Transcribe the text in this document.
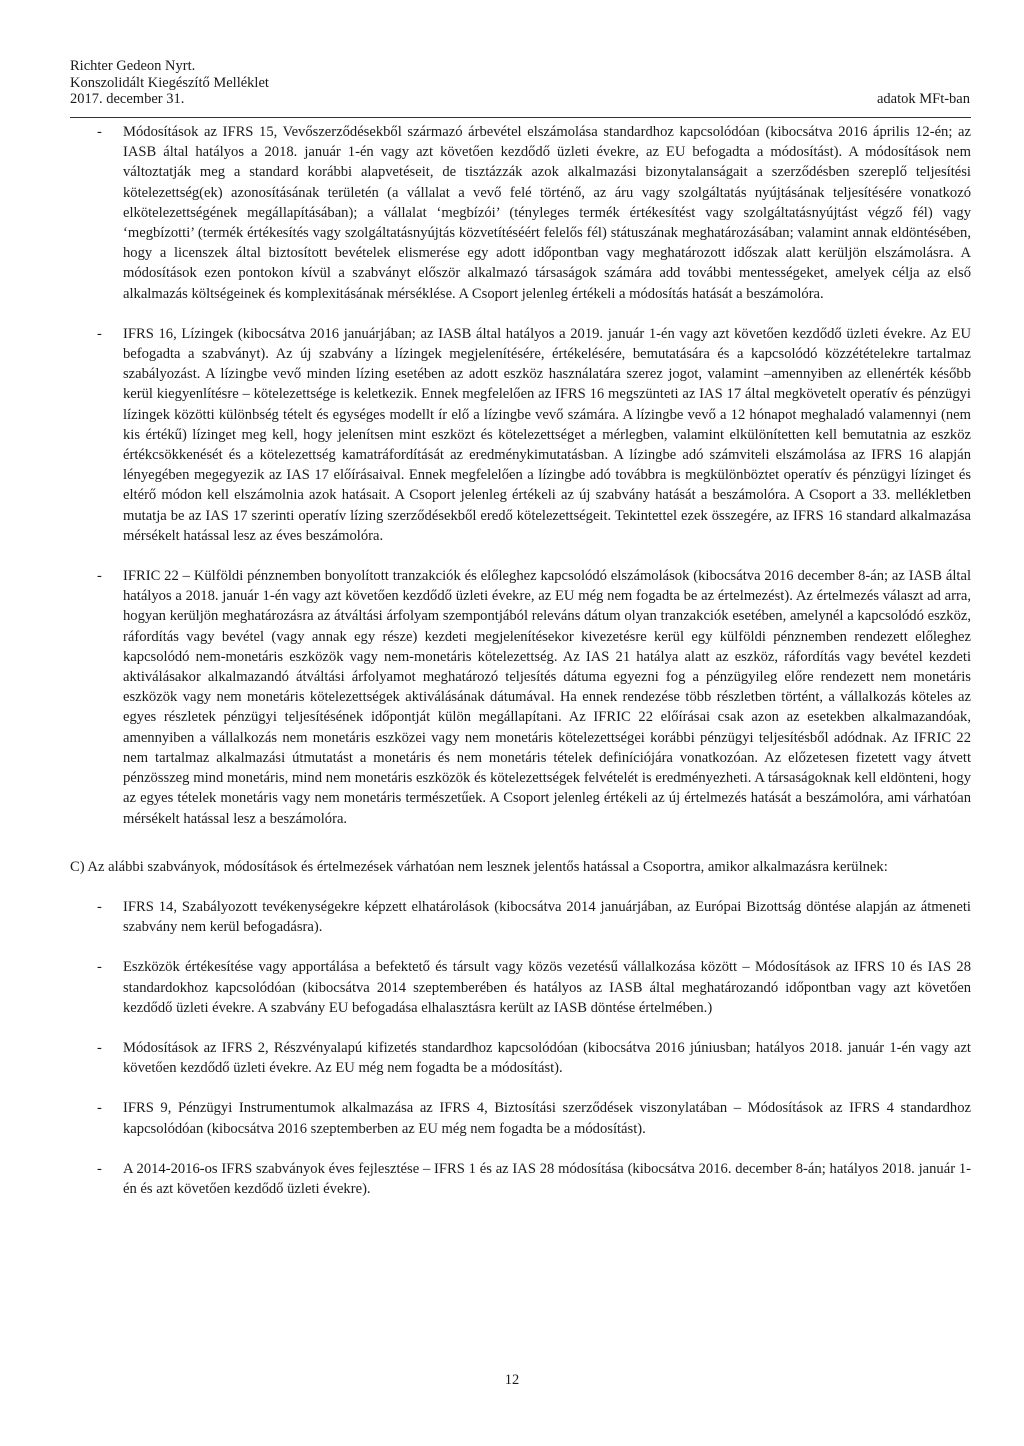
Richter Gedeon Nyrt.
Konszolidált Kiegészítő Melléklet
2017. december 31.	adatok MFt-ban
- Módosítások az IFRS 15, Vevőszerződésekből származó árbevétel elszámolása standardhoz kapcsolódóan (kibocsátva 2016 április 12-én; az IASB által hatályos a 2018. január 1-én vagy azt követően kezdődő üzleti évekre, az EU befogadta a módosítást). A módosítások nem változtatják meg a standard korábbi alapvetéseit, de tisztázzák azok alkalmazási bizonytalanságait a szerződésben szereplő teljesítési kötelezettség(ek) azonosításának területén (a vállalat a vevő felé történő, az áru vagy szolgáltatás nyújtásának teljesítésére vonatkozó elkötelezettségének megállapításában); a vállalat ‘megbízói’ (tényleges termék értékesítést vagy szolgáltatásnyújtást végző fél) vagy ‘megbízotti’ (termék értékesítés vagy szolgáltatásnyújtás közvetítéséért felelős fél) státuszának meghatározásában; valamint annak eldöntésében, hogy a licenszek által biztosított bevételek elismerése egy adott időpontban vagy meghatározott időszak alatt kerüljön elszámolásra. A módosítások ezen pontokon kívül a szabványt először alkalmazó társaságok számára add további mentességeket, amelyek célja az első alkalmazás költségeinek és komplexitásának mérséklése. A Csoport jelenleg értékeli a módosítás hatását a beszámolóra.
- IFRS 16, Lízingek (kibocsátva 2016 januárjában; az IASB által hatályos a 2019. január 1-én vagy azt követően kezdődő üzleti évekre. Az EU befogadta a szabványt). Az új szabvány a lízingek megjelenítésére, értékelésére, bemutatására és a kapcsolódó közzétételekre tartalmaz szabályozást. A lízingbe vevő minden lízing esetében az adott eszköz használatára szerez jogot, valamint –amennyiben az ellenérték később kerül kiegyenlítésre – kötelezettsége is keletkezik. Ennek megfelelően az IFRS 16 megszünteti az IAS 17 által megkövetelt operatív és pénzügyi lízingek közötti különbség tételt és egységes modellt ír elő a lízingbe vevő számára. A lízingbe vevő a 12 hónapot meghaladó valamennyi (nem kis értékű) lízinget meg kell, hogy jelenítsen mint eszközt és kötelezettséget a mérlegben, valamint elkülönítetten kell bemutatnia az eszköz értékcsökkenését és a kötelezettség kamatráfordítását az eredménykimutatásban. A lízingbe adó számviteli elszámolása az IFRS 16 alapján lényegében megegyezik az IAS 17 előírásaival. Ennek megfelelően a lízingbe adó továbbra is megkülönböztet operatív és pénzügyi lízinget és eltérő módon kell elszámolnia azok hatásait. A Csoport jelenleg értékeli az új szabvány hatását a beszámolóra. A Csoport a 33. mellékletben mutatja be az IAS 17 szerinti operatív lízing szerződésekből eredő kötelezettségeit. Tekintettel ezek összegére, az IFRS 16 standard alkalmazása mérsékelt hatással lesz az éves beszámolóra.
- IFRIC 22 – Külföldi pénznemben bonyolított tranzakciók és előleghez kapcsolódó elszámolások (kibocsátva 2016 december 8-án; az IASB által hatályos a 2018. január 1-én vagy azt követően kezdődő üzleti évekre, az EU még nem fogadta be az értelmezést). Az értelmezés választ ad arra, hogyan kerüljön meghatározásra az átváltási árfolyam szempontjából releváns dátum olyan tranzakciók esetében, amelynél a kapcsolódó eszköz, ráfordítás vagy bevétel (vagy annak egy része) kezdeti megjelenítésekor kivezetésre kerül egy külföldi pénznemben rendezett előleghez kapcsolódó nem-monetáris eszközök vagy nem-monetáris kötelezettség. Az IAS 21 hatálya alatt az eszköz, ráfordítás vagy bevétel kezdeti aktiválásakor alkalmazandó átváltási árfolyamot meghatározó teljesítés dátuma egyezni fog a pénzügyileg előre rendezett nem monetáris eszközök vagy nem monetáris kötelezettségek aktiválásának dátumával. Ha ennek rendezése több részletben történt, a vállalkozás köteles az egyes részletek pénzügyi teljesítésének időpontját külön megállapítani. Az IFRIC 22 előírásai csak azon az esetekben alkalmazandóak, amennyiben a vállalkozás nem monetáris eszközei vagy nem monetáris kötelezettségei korábbi pénzügyi teljesítésből adódnak. Az IFRIC 22 nem tartalmaz alkalmazási útmutatást a monetáris és nem monetáris tételek definíciójára vonatkozóan. Az előzetesen fizetett vagy átvett pénzösszeg mind monetáris, mind nem monetáris eszközök és kötelezettségek felvételét is eredményezheti. A társaságoknak kell eldönteni, hogy az egyes tételek monetáris vagy nem monetáris természetűek. A Csoport jelenleg értékeli az új értelmezés hatását a beszámolóra, ami várhatóan mérsékelt hatással lesz a beszámolóra.
C) Az alábbi szabványok, módosítások és értelmezések várhatóan nem lesznek jelentős hatással a Csoportra, amikor alkalmazásra kerülnek:
- IFRS 14, Szabályozott tevékenységekre képzett elhatárolások (kibocsátva 2014 januárjában, az Európai Bizottság döntése alapján az átmeneti szabvány nem kerül befogadásra).
- Eszközök értékesítése vagy apportálása a befektető és társult vagy közös vezetésű vállalkozása között – Módosítások az IFRS 10 és IAS 28 standardokhoz kapcsolódóan (kibocsátva 2014 szeptemberében és hatályos az IASB által meghatározandó időpontban vagy azt követően kezdődő üzleti évekre. A szabvány EU befogadása elhalasztásra került az IASB döntése értelmében.)
- Módosítások az IFRS 2, Részvényalapú kifizetés standardhoz kapcsolódóan (kibocsátva 2016 júniusban; hatályos 2018. január 1-én vagy azt követően kezdődő üzleti évekre. Az EU még nem fogadta be a módosítást).
- IFRS 9, Pénzügyi Instrumentumok alkalmazása az IFRS 4, Biztosítási szerződések viszonylatában – Módosítások az IFRS 4 standardhoz kapcsolódóan (kibocsátva 2016 szeptemberben az EU még nem fogadta be a módosítást).
- A 2014-2016-os IFRS szabványok éves fejlesztése – IFRS 1 és az IAS 28 módosítása (kibocsátva 2016. december 8-án; hatályos 2018. január 1-én és azt követően kezdődő üzleti évekre).
12
